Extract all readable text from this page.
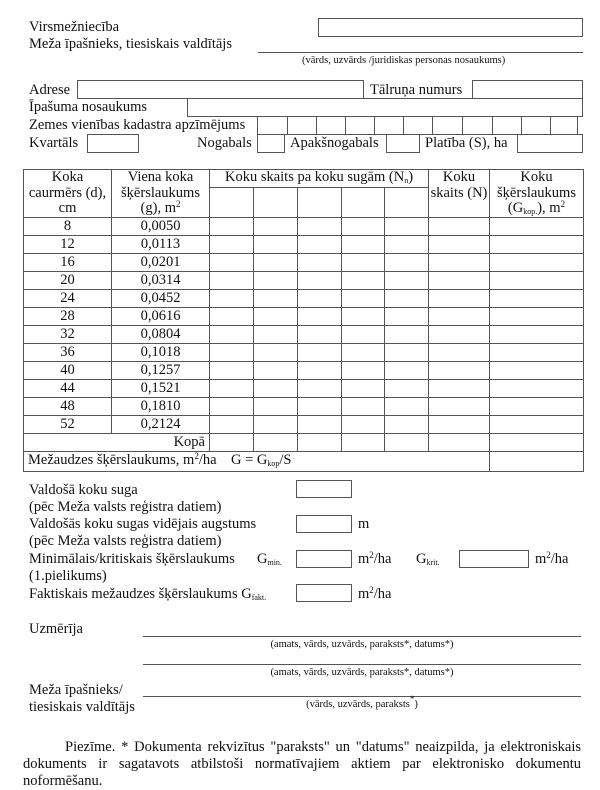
Virsmežniecība
Meža īpašnieks, tiesiskais valdītājs
(vārds, uzvārds /juridiskas personas nosaukums)
Adrese	Tālruņa numurs
Īpašuma nosaukums
Zemes vienības kadastra apzīmējums
Kvartāls	Nogabals	Apakšnogabals	Platība (S), ha
Koka
caurmērs (d),
cm

Viena koka
šķērslaukums
(g), $m^2$
	Koku skaits pa koku sugām $(N_n)$	Koku
skaits (N)

Koku
šķērslaukums
$(G_{kop.})$, $m^2$

8	0,0050							
12	0,0113							
16	0,0201							
20	0,0314							
24	0,0452							
28	0,0616							
32	0,0804							
36	0,1018							
40	0,1257							
44	0,1521							
48	0,1810							
52	0,2124							
Kopā								
Mežaudzes šķērslaukums, $m^2/ha$ $G = G_{kop}/S$								
Valdošā koku suga
(pēc Meža valsts reģistra datiem)
Valdošās koku sugas vidējais augstums	m
(pēc Meža valsts reģistra datiem)
Minimālais/kritiskais šķērslaukums $G_{min.}$	$m^2/ha$ $G_{krit.}$	$m^2/ha$
(1.pielikums)
Faktiskais mežaudzes šķērslaukums $G_{fakt.}$	$m^2/ha$
Uzmērīja
(amats, vārds, uzvārds, paraksts*, datums*)
(amats, vārds, uzvārds, paraksts*, datums*)
Meža īpašnieks/
tiesiskais valdītājs	(vārds, uzvārds, paraksts*)
Piezīme. * Dokumenta rekvizītus "paraksts" un "datums" neaizpilda, ja elektroniskais dokuments ir sagatavots atbilstoši normatīvajiem aktiem par elektronisko dokumentu noformēšanu.
